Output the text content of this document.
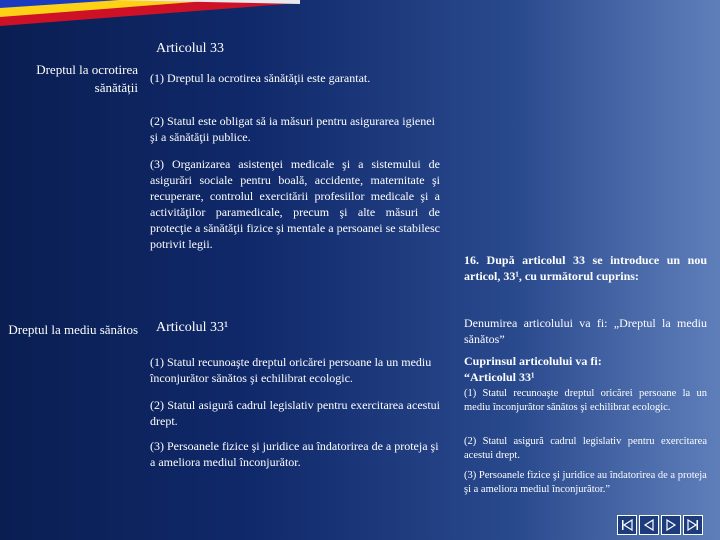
Articolul 33
Dreptul la ocrotirea sănătății
(1) Dreptul la ocrotirea sănătăţii este garantat.
(2) Statul este obligat să ia măsuri pentru asigurarea igienei şi a sănătăţii publice.
(3) Organizarea asistenţei medicale şi a sistemului de asigurări sociale pentru boală, accidente, maternitate şi recuperare, controlul exercitării profesiilor medicale şi a activităţilor paramedicale, precum şi alte măsuri de protecţie a sănătăţii fizice şi mentale a persoanei se stabilesc potrivit legii.
Dreptul la mediu sănătos Articolul 33¹
(1) Statul recunoaşte dreptul oricărei persoane la un mediu înconjurător sănătos şi echilibrat ecologic.
(2) Statul asigură cadrul legislativ pentru exercitarea acestui drept.
(3) Persoanele fizice şi juridice au îndatorirea de a proteja şi a ameliora mediul înconjurător.
16. După articolul 33 se introduce un nou articol, 33¹, cu următorul cuprins:
Denumirea articolului va fi: „Dreptul la mediu sănătos”
Cuprinsul articolului va fi:
“Articolul 33¹
(1) Statul recunoaşte dreptul oricărei persoane la un mediu înconjurător sănătos şi echilibrat ecologic.
(2) Statul asigură cadrul legislativ pentru exercitarea acestui drept.
(3) Persoanele fizice şi juridice au îndatorirea de a proteja şi a ameliora mediul înconjurător.”
